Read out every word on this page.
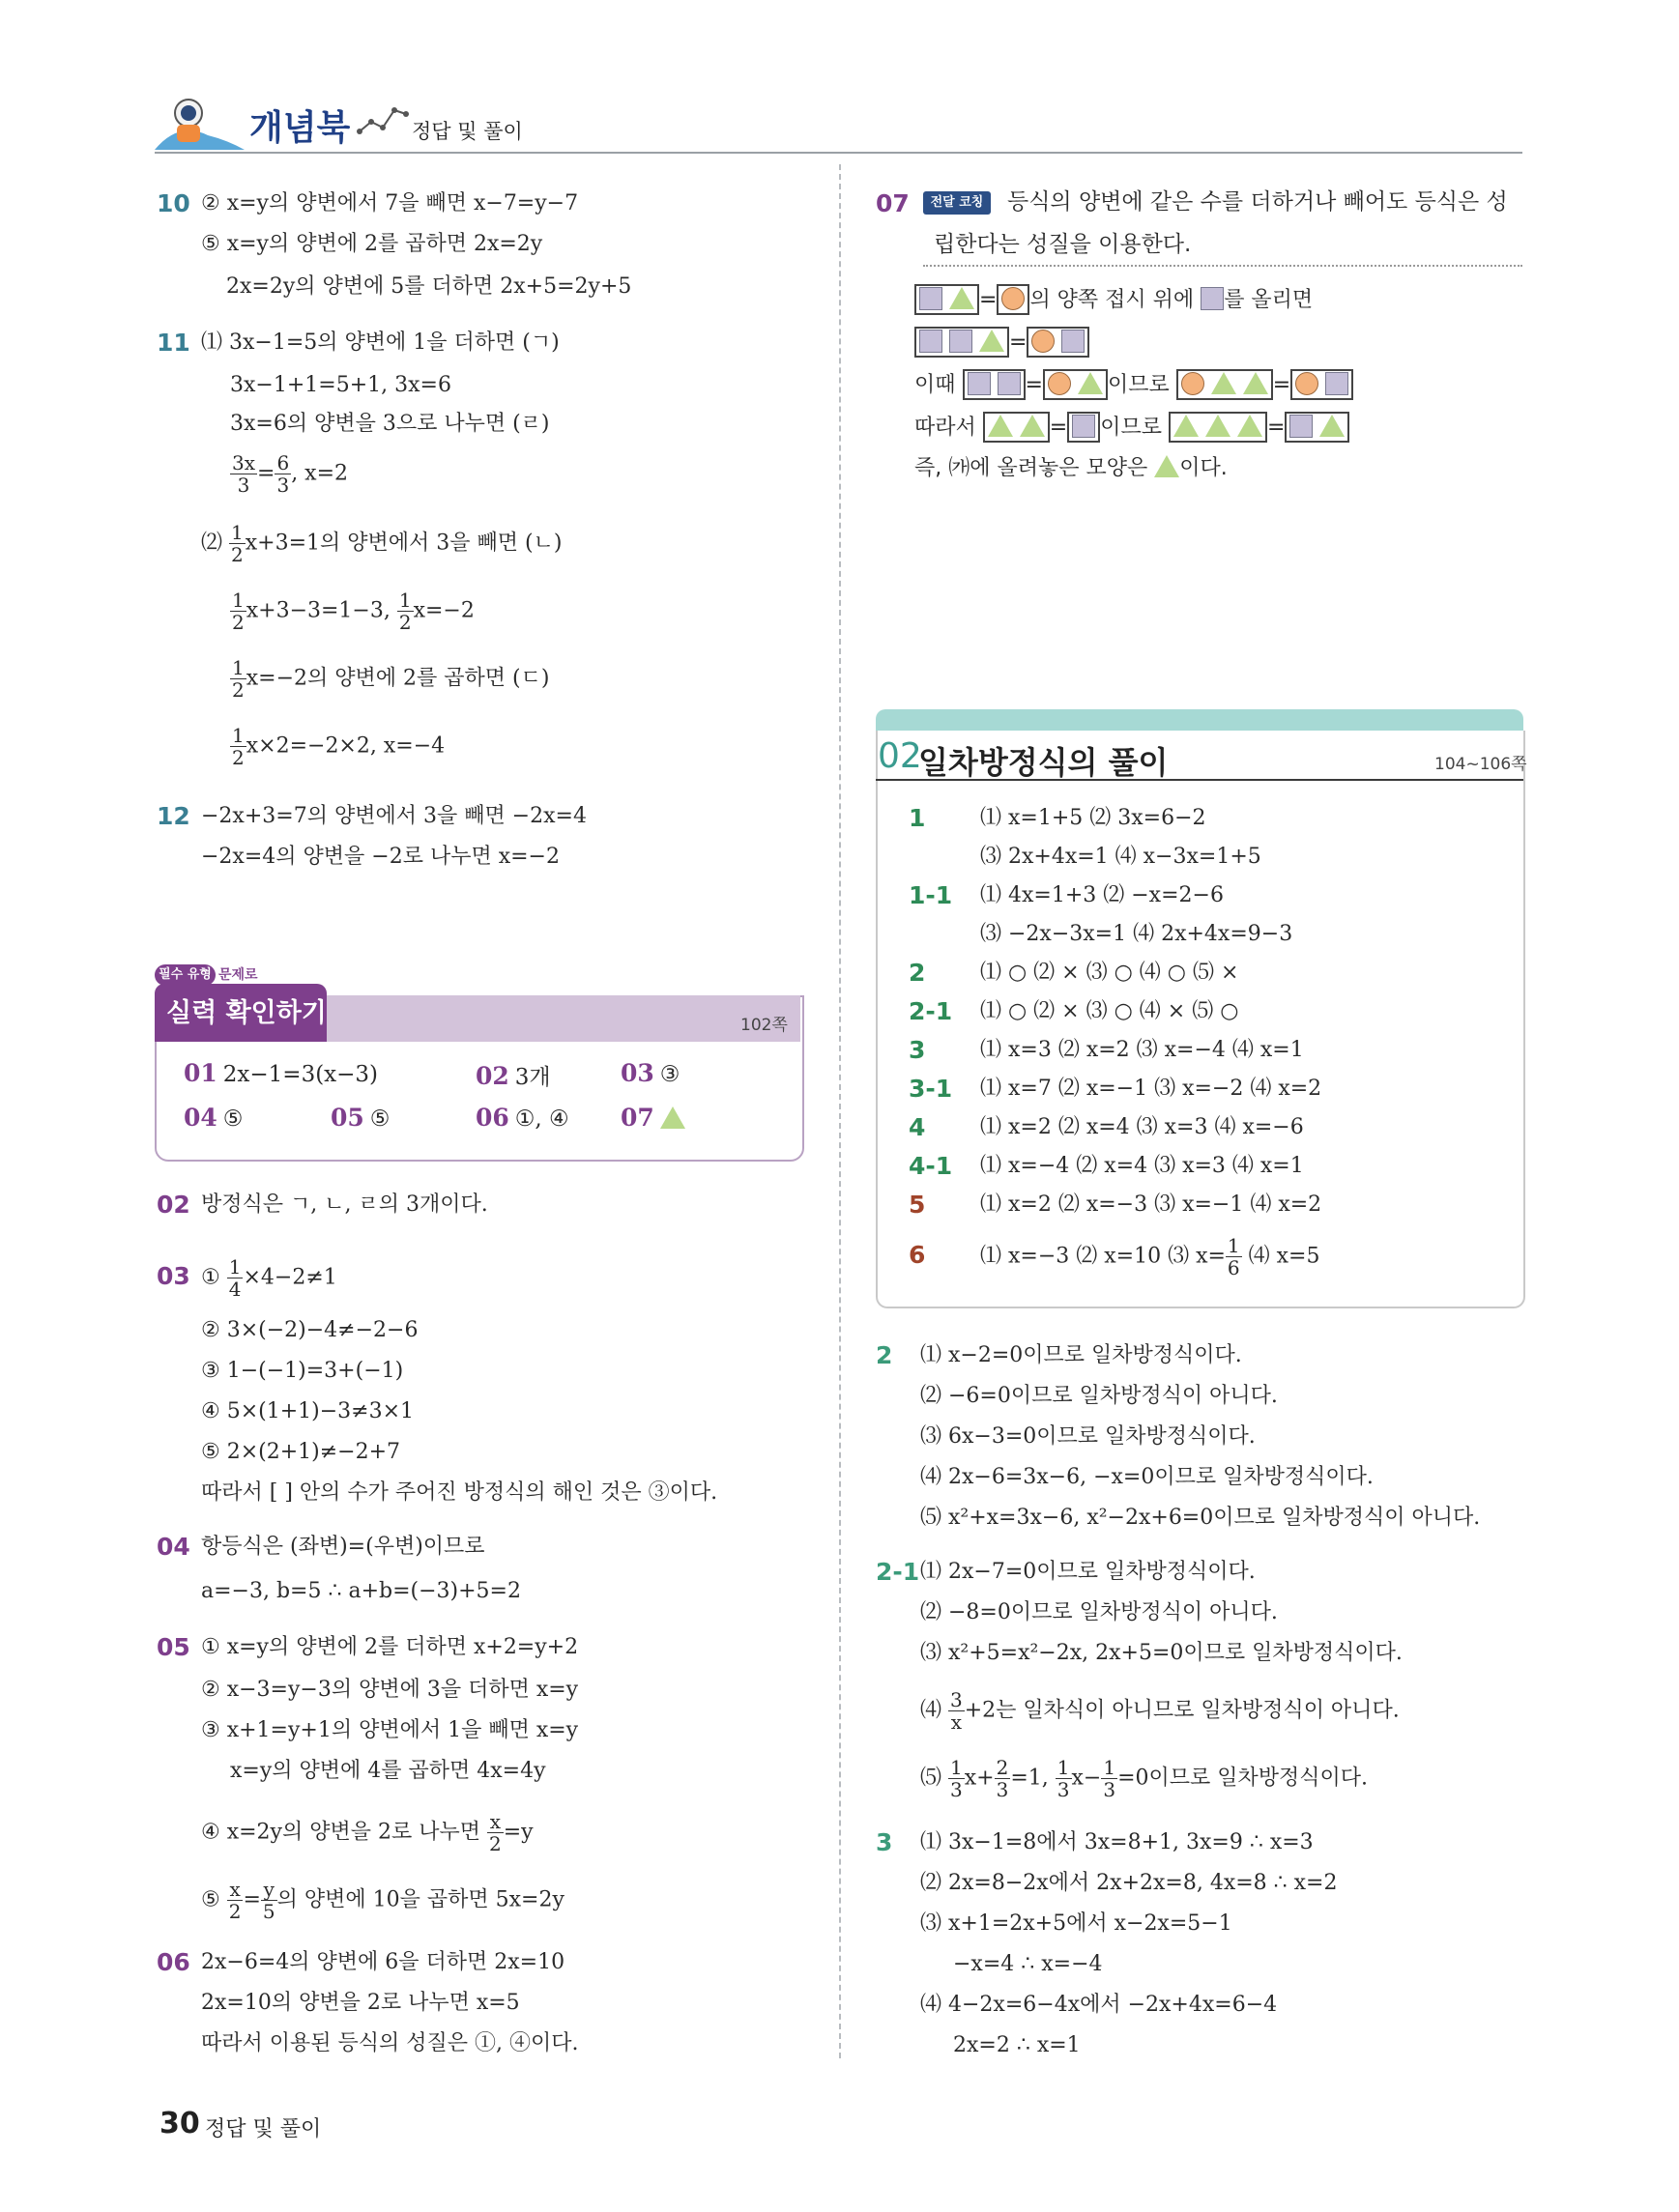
개념북	정답 및 풀이
10 ② x=y의 양변에서 7을 빼면 x−7=y−7
⑤ x=y의 양변에 2를 곱하면 2x=2y
2x=2y의 양변에 5를 더하면 2x+5=2y+5
11 ⑴ 3x−1=5의 양변에 1을 더하면 (ㄱ)
3x−1+1=5+1, 3x=6
3x=6의 양변을 3으로 나누면 (ㄹ)
$\frac{3x}{3} = \frac{6}{3}$ , x=2
⑵ $\frac{1}{2} x+3=1$의 양변에서 3을 빼면 (ㄴ)
$\frac{1}{2} x+3-3=1-3$, $\frac{1}{2} x=-2$
$\frac{1}{2} x=-2$의 양변에 2를 곱하면 (ㄷ)
$\frac{1}{2} x\times 2=-2\times 2$, x=−4
12 −2x+3=7의 양변에서 3을 빼면 −2x=4
−2x=4의 양변을 −2로 나누면 x=−2
필수 유형 문제로
실력 확인하기	102쪽
01 2x−1=3(x−3)	02 3개	03 ③
04 ⑤	05 ⑤	06 ①, ④ 07
02 방정식은 ㄱ, ㄴ, ㄹ의 3개이다.
03 ① $\frac{1}{4} \times 4-2\ne 1$
② 3×(−2)−4≠−2−6
③ 1−(−1)=3+(−1)
④ 5×(1+1)−3≠3×1
⑤ 2×(2+1)≠−2+7
따라서 [ ] 안의 수가 주어진 방정식의 해인 것은 ③이다.
04 항등식은 (좌변)=(우변)이므로
a=−3, b=5 ∴ a+b=(−3)+5=2
05 ① x=y의 양변에 2를 더하면 x+2=y+2
② x−3=y−3의 양변에 3을 더하면 x=y
③ x+1=y+1의 양변에서 1을 빼면 x=y
x=y의 양변에 4를 곱하면 4x=4y
④ x=2y의 양변을 2로 나누면 $\frac{x}{2} =y$
⑤ $\frac{x}{2} = \frac{y}{5}$ 의 양변에 10을 곱하면 5x=2y
06 2x−6=4의 양변에 6을 더하면 2x=10
2x=10의 양변을 2로 나누면 x=5
따라서 이용된 등식의 성질은 ①, ④이다.
07	전달 코칭	등식의 양변에 같은 수를 더하거나 빼어도 등식은 성
립한다는 성질을 이용한다.
= 의 양쪽 접시 위에 를 올리면
=
이때	=	이므로	=
따라서	= 이므로	=
즉, ㈎에 올려놓은 모양은 이다.
02
일차방정식의 풀이	104~106쪽
1	⑴ x=1+5 ⑵ 3x=6−2
⑶ 2x+4x=1 ⑷ x−3x=1+5
1-1 ⑴ 4x=1+3 ⑵ −x=2−6
⑶ −2x−3x=1 ⑷ 2x+4x=9−3
2	⑴ ○ ⑵ × ⑶ ○ ⑷ ○ ⑸ ×
2-1 ⑴ ○ ⑵ × ⑶ ○ ⑷ × ⑸ ○
3	⑴ x=3 ⑵ x=2 ⑶ x=−4 ⑷ x=1
3-1 ⑴ x=7 ⑵ x=−1 ⑶ x=−2 ⑷ x=2
4	⑴ x=2 ⑵ x=4 ⑶ x=3 ⑷ x=−6
4-1 ⑴ x=−4 ⑵ x=4 ⑶ x=3 ⑷ x=1
5	⑴ x=2 ⑵ x=−3 ⑶ x=−1 ⑷ x=2
6	⑴ x=−3 ⑵ x=10 ⑶ $x= \frac{1}{6}$ ⑷ x=5
2 ⑴ x−2=0이므로 일차방정식이다.
⑵ −6=0이므로 일차방정식이 아니다.
⑶ 6x−3=0이므로 일차방정식이다.
⑷ 2x−6=3x−6, −x=0이므로 일차방정식이다.
⑸ x²+x=3x−6, x²−2x+6=0이므로 일차방정식이 아니다.
2-1 ⑴ 2x−7=0이므로 일차방정식이다.
⑵ −8=0이므로 일차방정식이 아니다.
⑶ x²+5=x²−2x, 2x+5=0이므로 일차방정식이다.
⑷ $\frac{3}{x} +2$는 일차식이 아니므로 일차방정식이 아니다.
⑸ $\frac{1}{3} x+ \frac{2}{3} =1$, $\frac{1}{3} x- \frac{1}{3} =0$이므로 일차방정식이다.
3 ⑴ 3x−1=8에서 3x=8+1, 3x=9 ∴ x=3
⑵ 2x=8−2x에서 2x+2x=8, 4x=8 ∴ x=2
⑶ x+1=2x+5에서 x−2x=5−1
−x=4 ∴ x=−4
⑷ 4−2x=6−4x에서 −2x+4x=6−4
2x=2 ∴ x=1
30 정답 및 풀이
